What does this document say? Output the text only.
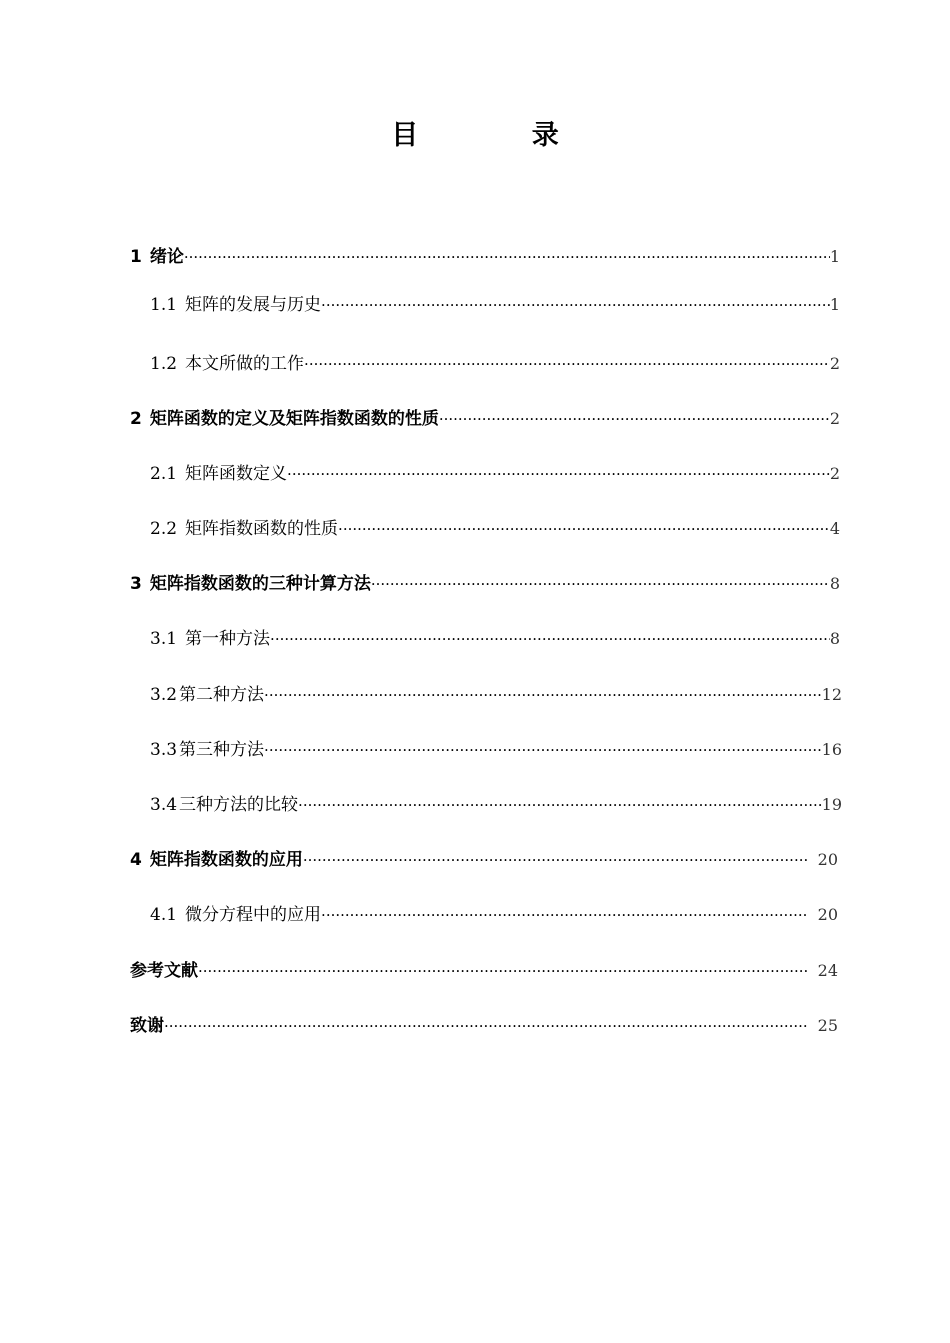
目 录
1 绪论 ·····	1
1.1 矩阵的发展与历史 ·····	1
1.2 本文所做的工作 ·····	2
2 矩阵函数的定义及矩阵指数函数的性质 ·····	2
2.1 矩阵函数定义 ·····	2
2.2 矩阵指数函数的性质 ·····	4
3 矩阵指数函数的三种计算方法 ·····	8
3.1 第一种方法 ·····	8
3.2 第二种方法 ·····	12
3.3 第三种方法 ·····	16
3.4 三种方法的比较 ·····	19
4 矩阵指数函数的应用 ·····	20
4.1 微分方程中的应用 ·····	20
参考文献 ·····	24
致谢 ·····	25
